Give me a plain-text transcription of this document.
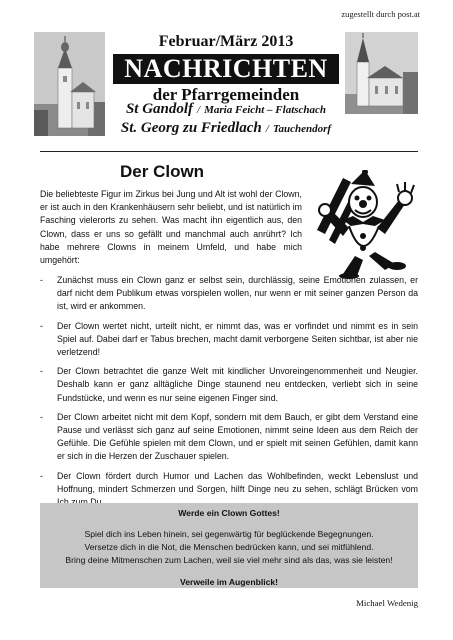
zugestellt durch post.at
Februar/März 2013
NACHRICHTEN
der Pfarrgemeinden
St Gandolf / Maria Feicht – Flatschach
St. Georg zu Friedlach / Tauchendorf
Der Clown
Die beliebteste Figur im Zirkus bei Jung und Alt ist wohl der Clown, er ist auch in den Krankenhäusern sehr beliebt, und ist natürlich im Fasching vielerorts zu sehen. Was macht ihn eigentlich aus, den Clown, dass er uns so gefällt und manchmal auch anrührt? Ich habe mehrere Clowns in meinem Umfeld, und habe mich umgehört:
- Zunächst muss ein Clown ganz er selbst sein, durchlässig, seine Emotionen zulassen, er darf nicht dem Publikum etwas vorspielen wollen, nur wenn er mit seiner ganzen Person da ist, wird er ankommen.
- Der Clown wertet nicht, urteilt nicht, er nimmt das, was er vorfindet und nimmt es in sein Spiel auf. Dabei darf er Tabus brechen, macht damit verborgene Seiten sichtbar, ist aber nie verletzend!
- Der Clown betrachtet die ganze Welt mit kindlicher Unvoreingenommenheit und Neugier. Deshalb kann er ganz alltägliche Dinge staunend neu entdecken, verliebt sich in seine Fundstücke, und wenn es nur seine eigenen Finger sind.
- Der Clown arbeitet nicht mit dem Kopf, sondern mit dem Bauch, er gibt dem Verstand eine Pause und verlässt sich ganz auf seine Emotionen, nimmt seine Ideen aus dem Reich der Gefühle. Die Gefühle spielen mit dem Clown, und er spielt mit seinen Gefühlen, damit kann er sich in die Herzen der Zuschauer spielen.
- Der Clown fördert durch Humor und Lachen das Wohlbefinden, weckt Lebenslust und Hoffnung, mindert Schmerzen und Sorgen, hilft Dinge neu zu sehen, schlägt Brücken vom
Werde ein Clown Gottes!
Spiel dich ins Leben hinein, sei gegenwärtig für beglückende Begegnungen.
Versetze dich in die Not, die Menschen bedrücken kann, und sei mitfühlend.
Bring deine Mitmenschen zum Lachen, weil sie viel mehr sind als das, was sie leisten!
Verweile im Augenblick!
Michael Wedenig
